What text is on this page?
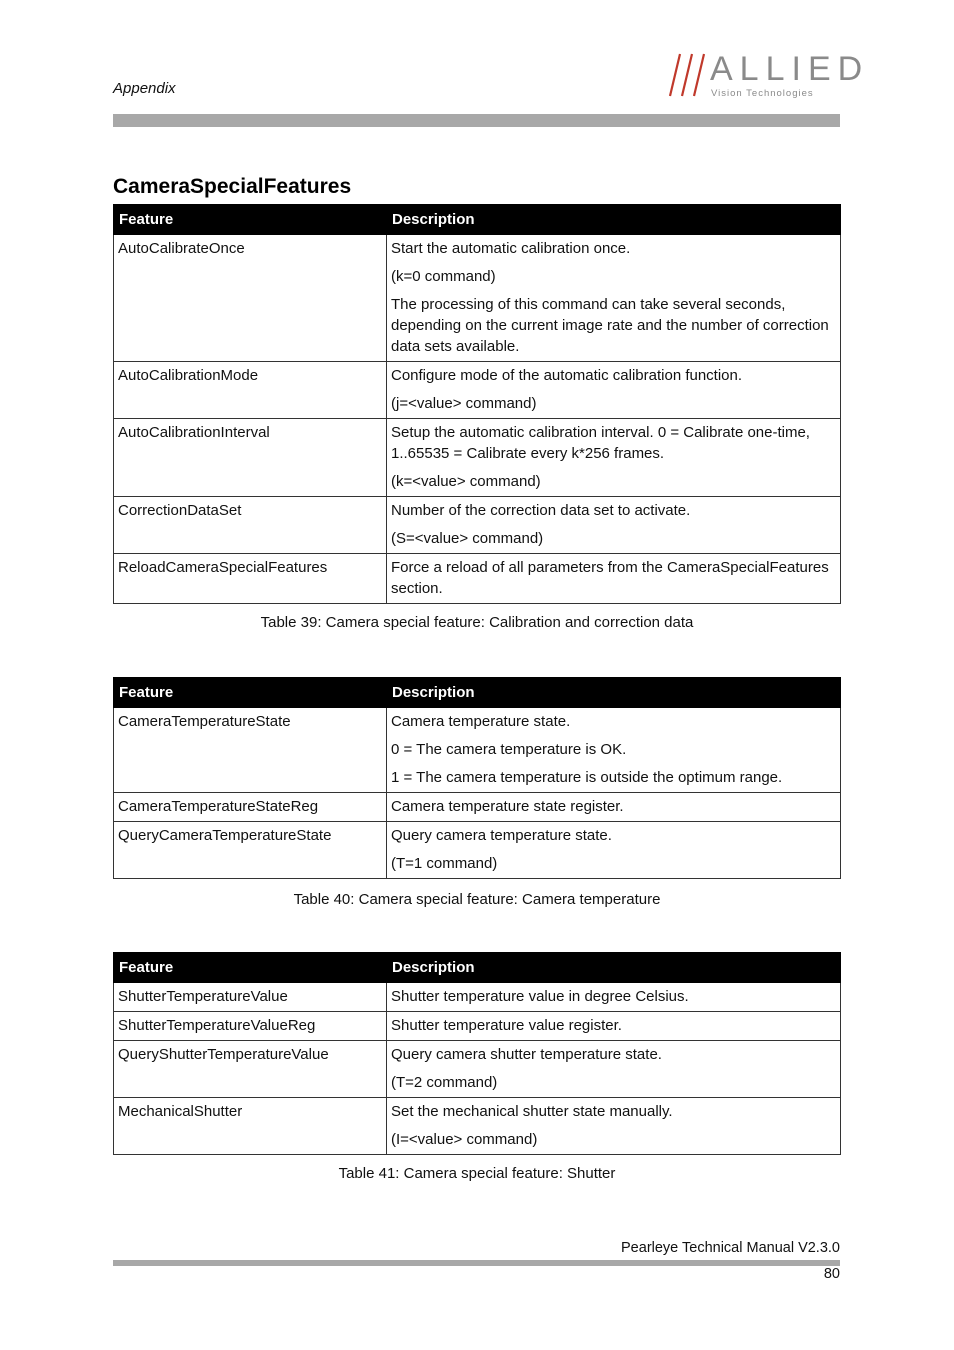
Appendix
ALLIED
Vision Technologies
CameraSpecialFeatures
Feature	Description
AutoCalibrateOnce	Start the automatic calibration once.

(k=0 command)

The processing of this command can take several seconds, depending on the current image rate and the number of correction data sets available.

AutoCalibrationMode	Configure mode of the automatic calibration function.

(j=<value> command)

AutoCalibrationInterval	Setup the automatic calibration interval. 0 = Calibrate one-time, 1..65535 = Calibrate every k*256 frames.

(k=<value> command)

CorrectionDataSet	Number of the correction data set to activate.

(S=<value> command)

ReloadCameraSpecialFeatures	Force a reload of all parameters from the CameraSpecialFeatures section.

Table 39: Camera special feature: Calibration and correction data
Feature	Description
CameraTemperatureState	Camera temperature state.

0 = The camera temperature is OK.

1 = The camera temperature is outside the optimum range.

CameraTemperatureStateReg	Camera temperature state register.

QueryCameraTemperatureState	Query camera temperature state.

(T=1 command)

Table 40: Camera special feature: Camera temperature
Feature	Description
ShutterTemperatureValue	Shutter temperature value in degree Celsius.

ShutterTemperatureValueReg	Shutter temperature value register.

QueryShutterTemperatureValue	Query camera shutter temperature state.

(T=2 command)

MechanicalShutter	Set the mechanical shutter state manually.

(I=<value> command)

Table 41: Camera special feature: Shutter
Pearleye Technical Manual V2.3.0
80
